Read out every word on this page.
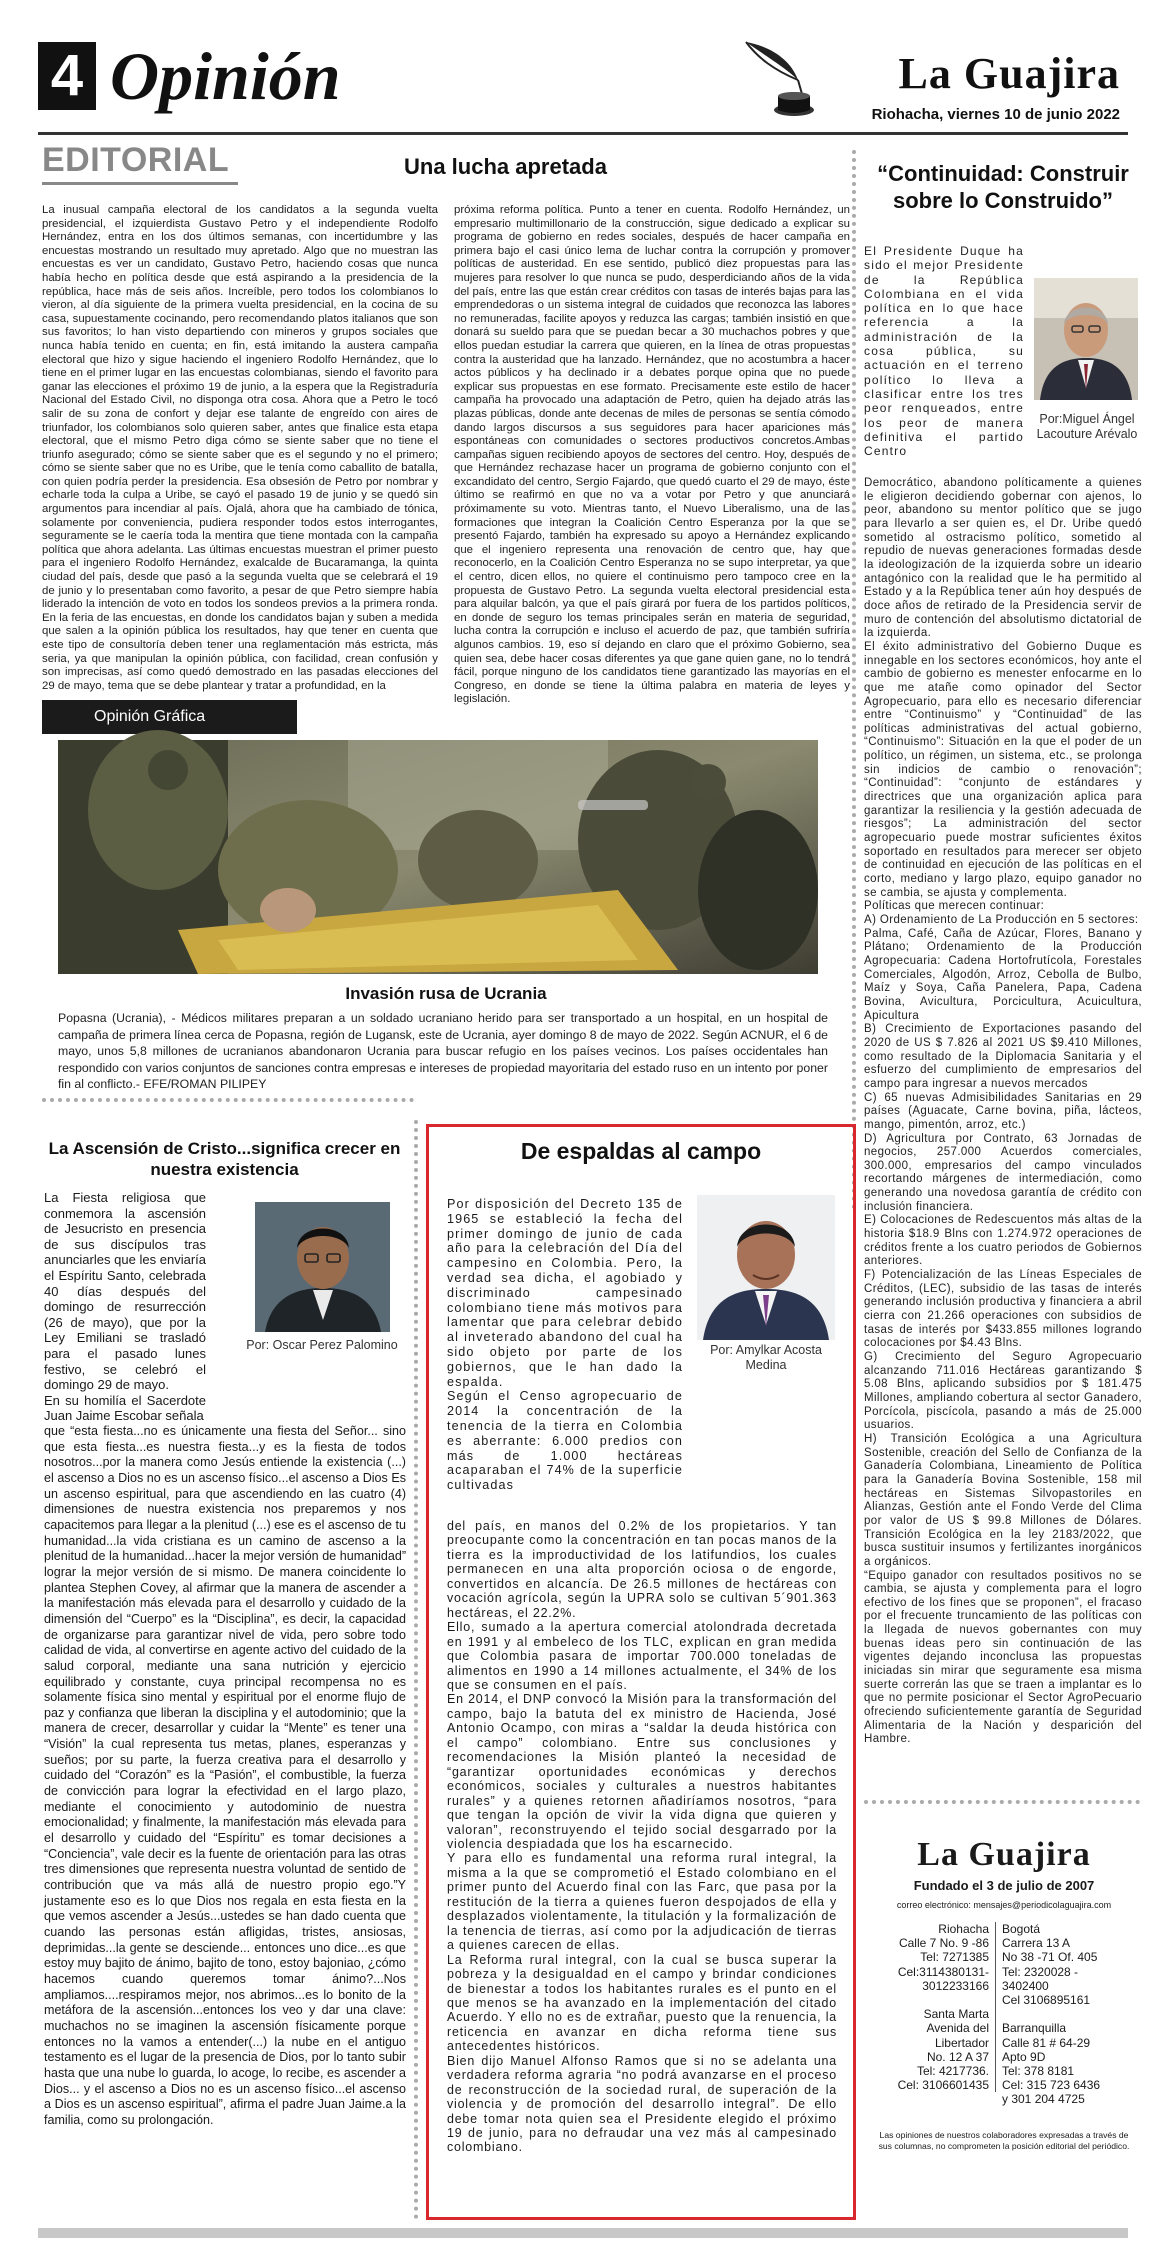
4 Opinión	La Guajira
Riohacha, viernes 10 de junio 2022
EDITORIAL	Una lucha apretada
La inusual campaña electoral de los candidatos a la segunda vuelta presidencial, el izquierdista Gustavo Petro y el independiente Rodolfo Hernández, entra en los dos últimos semanas, con incertidumbre y las encuestas mostrando un resultado muy apretado. Algo que no muestran las encuestas es ver un candidato, Gustavo Petro, haciendo cosas que nunca había hecho en política desde que está aspirando a la presidencia de la república, hace más de seis años. Increíble, pero todos los colombianos lo vieron, al día siguiente de la primera vuelta presidencial, en la cocina de su casa, supuestamente cocinando, pero recomendando platos italianos que son sus favoritos; lo han visto departiendo con mineros y grupos sociales que nunca había tenido en cuenta; en fin, está imitando la austera campaña electoral que hizo y sigue haciendo el ingeniero Rodolfo Hernández, que lo tiene en el primer lugar en las encuestas colombianas, siendo el favorito para ganar las elecciones el próximo 19 de junio, a la espera que la Registraduría Nacional del Estado Civil, no disponga otra cosa. Ahora que a Petro le tocó salir de su zona de confort y dejar ese talante de engreído con aires de triunfador, los colombianos solo quieren saber, antes que finalice esta etapa electoral, que el mismo Petro diga cómo se siente saber que no tiene el triunfo asegurado; cómo se siente saber que es el segundo y no el primero; cómo se siente saber que no es Uribe, que le tenía como caballito de batalla, con quien podría perder la presidencia. Esa obsesión de Petro por nombrar y echarle toda la culpa a Uribe, se cayó el pasado 19 de junio y se quedó sin argumentos para incendiar al país. Ojalá, ahora que ha cambiado de tónica, solamente por conveniencia, pudiera responder todos estos interrogantes, seguramente se le caería toda la mentira que tiene montada con la campaña política que ahora adelanta. Las últimas encuestas muestran el primer puesto para el ingeniero Rodolfo Hernández, exalcalde de Bucaramanga, la quinta ciudad del país, desde que pasó a la segunda vuelta que se celebrará el 19 de junio y lo presentaban como favorito, a pesar de que Petro siempre había liderado la intención de voto en todos los sondeos previos a la primera ronda. En la feria de las encuestas, en donde los candidatos bajan y suben a medida que salen a la opinión pública los resultados, hay que tener en cuenta que este tipo de consultoría deben tener una reglamentación más estricta, más seria, ya que manipulan la opinión pública, con facilidad, crean confusión y son imprecisas, así como quedó demostrado en las pasadas elecciones del 29 de mayo, tema que se debe plantear y tratar a profundidad, en la
próxima reforma política. Punto a tener en cuenta. Rodolfo Hernández, un empresario multimillonario de la construcción, sigue dedicado a explicar su programa de gobierno en redes sociales, después de hacer campaña en primera bajo el casi único lema de luchar contra la corrupción y promover políticas de austeridad. En ese sentido, publicó diez propuestas para las mujeres para resolver lo que nunca se pudo, desperdiciando años de la vida del país, entre las que están crear créditos con tasas de interés bajas para las emprendedoras o un sistema integral de cuidados que reconozca las labores no remuneradas, facilite apoyos y reduzca las cargas; también insistió en que donará su sueldo para que se puedan becar a 30 muchachos pobres y que ellos puedan estudiar la carrera que quieren, en la línea de otras propuestas contra la austeridad que ha lanzado. Hernández, que no acostumbra a hacer actos públicos y ha declinado ir a debates porque opina que no puede explicar sus propuestas en ese formato. Precisamente este estilo de hacer campaña ha provocado una adaptación de Petro, quien ha dejado atrás las plazas públicas, donde ante decenas de miles de personas se sentía cómodo dando largos discursos a sus seguidores para hacer apariciones más espontáneas con comunidades o sectores productivos concretos.Ambas campañas siguen recibiendo apoyos de sectores del centro. Hoy, después de que Hernández rechazase hacer un programa de gobierno conjunto con el excandidato del centro, Sergio Fajardo, que quedó cuarto el 29 de mayo, éste último se reafirmó en que no va a votar por Petro y que anunciará próximamente su voto. Mientras tanto, el Nuevo Liberalismo, una de las formaciones que integran la Coalición Centro Esperanza por la que se presentó Fajardo, también ha expresado su apoyo a Hernández explicando que el ingeniero representa una renovación de centro que, hay que reconocerlo, en la Coalición Centro Esperanza no se supo interpretar, ya que el centro, dicen ellos, no quiere el continuismo pero tampoco cree en la propuesta de Gustavo Petro. La segunda vuelta electoral presidencial esta para alquilar balcón, ya que el país girará por fuera de los partidos políticos, en donde de seguro los temas principales serán en materia de seguridad, lucha contra la corrupción e incluso el acuerdo de paz, que también sufriría algunos cambios. 19, eso sí dejando en claro que el próximo Gobierno, sea quien sea, debe hacer cosas diferentes ya que gane quien gane, no lo tendrá fácil, porque ninguno de los candidatos tiene garantizado las mayorías en el Congreso, en donde se tiene la última palabra en materia de leyes y legislación.
Opinión Gráfica
Invasión rusa de Ucrania
Popasna (Ucrania), - Médicos militares preparan a un soldado ucraniano herido para ser transportado a un hospital, en un hospital de campaña de primera línea cerca de Popasna, región de Lugansk, este de Ucrania, ayer domingo 8 de mayo de 2022. Según ACNUR, el 6 de mayo, unos 5,8 millones de ucranianos abandonaron Ucrania para buscar refugio en los países vecinos. Los países occidentales han respondido con varios conjuntos de sanciones contra empresas e intereses de propiedad mayoritaria del estado ruso en un intento por poner fin al conflicto.- EFE/ROMAN PILIPEY
“Continuidad: Construir sobre lo Construido”
El Presidente Duque ha sido el mejor Presidente de la República Colombiana en el vida política en lo que hace referencia a la administración de la cosa pública, su actuación en el terreno político lo lleva a clasificar entre los tres peor renqueados, entre los peor de manera definitiva el partido Centro
Por:Miguel Ángel Lacouture Arévalo

Democrático, abandono políticamente a quienes le eligieron decidiendo gobernar con ajenos, lo peor, abandono su mentor político que se jugo para llevarlo a ser quien es, el Dr. Uribe quedó sometido al ostracismo político, sometido al repudio de nuevas generaciones formadas desde la ideologización de la izquierda sobre un ideario antagónico con la realidad que le ha permitido al Estado y a la República tener aún hoy después de doce años de retirado de la Presidencia servir de muro de contención del absolutismo dictatorial de la izquierda.
El éxito administrativo del Gobierno Duque es innegable en los sectores económicos, hoy ante el cambio de gobierno es menester enfocarme en lo que me atañe como opinador del Sector Agropecuario, para ello es necesario diferenciar entre “Continuismo” y “Continuidad” de las políticas administrativas del actual gobierno, “Continuismo”: Situación en la que el poder de un político, un régimen, un sistema, etc., se prolonga sin indicios de cambio o renovación”; “Continuidad”: “conjunto de estándares y directrices que una organización aplica para garantizar la resiliencia y la gestión adecuada de riesgos”; La administración del sector agropecuario puede mostrar suficientes éxitos soportado en resultados para merecer ser objeto de continuidad en ejecución de las políticas en el corto, mediano y largo plazo, equipo ganador no se cambia, se ajusta y complementa.
Políticas que merecen continuar:
A) Ordenamiento de La Producción en 5 sectores:
Palma, Café, Caña de Azúcar, Flores, Banano y Plátano; Ordenamiento de la Producción Agropecuaria: Cadena Hortofrutícola, Forestales Comerciales, Algodón, Arroz, Cebolla de Bulbo, Maíz y Soya, Caña Panelera, Papa, Cadena Bovina, Avicultura, Porcicultura, Acuicultura, Apicultura
B) Crecimiento de Exportaciones pasando del 2020 de US $ 7.826 al 2021 US $9.410 Millones, como resultado de la Diplomacia Sanitaria y el esfuerzo del cumplimiento de empresarios del campo para ingresar a nuevos mercados
C) 65 nuevas Admisibilidades Sanitarias en 29 países (Aguacate, Carne bovina, piña, lácteos, mango, pimentón, arroz, etc.)
D) Agricultura por Contrato, 63 Jornadas de negocios, 257.000 Acuerdos comerciales, 300.000, empresarios del campo vinculados recortando márgenes de intermediación, como generando una novedosa garantía de crédito con inclusión financiera.
E) Colocaciones de Redescuentos más altas de la historia $18.9 Blns con 1.274.972 operaciones de créditos frente a los cuatro periodos de Gobiernos anteriores.
F) Potencialización de las Líneas Especiales de Créditos, (LEC), subsidio de las tasas de interés generando inclusión productiva y financiera a abril cierra con 21.266 operaciones con subsidios de tasas de interés por $433.855 millones logrando colocaciones por $4.43 Blns.
G) Crecimiento del Seguro Agropecuario alcanzando 711.016 Hectáreas garantizando $ 5.08 Blns, aplicando subsidios por $ 181.475 Millones, ampliando cobertura al sector Ganadero, Porcícola, piscícola, pasando a más de 25.000 usuarios.
H) Transición Ecológica a una Agricultura Sostenible, creación del Sello de Confianza de la Ganadería Colombiana, Lineamiento de Política para la Ganadería Bovina Sostenible, 158 mil hectáreas en Sistemas Silvopastoriles en Alianzas, Gestión ante el Fondo Verde del Clima por valor de US $ 99.8 Millones de Dólares. Transición Ecológica en la ley 2183/2022, que busca sustituir insumos y fertilizantes inorgánicos a orgánicos.
“Equipo ganador con resultados positivos no se cambia, se ajusta y complementa para el logro efectivo de los fines que se proponen”, el fracaso por el frecuente truncamiento de las políticas con la llegada de nuevos gobernantes con muy buenas ideas pero sin continuación de las vigentes dejando inconclusa las propuestas iniciadas sin mirar que seguramente esa misma suerte correrán las que se traen a implantar es lo que no permite posicionar el Sector AgroPecuario ofreciendo suficientemente garantía de Seguridad Alimentaria de la Nación y desparición del Hambre.

La Ascensión de Cristo...significa crecer en nuestra existencia
La Fiesta religiosa que conmemora la ascensión de Jesucristo en presencia de sus discípulos tras anunciarles que les enviaría el Espíritu Santo, celebrada 40 días después del domingo de resurrección (26 de mayo), que por la Ley Emiliani se trasladó para el pasado lunes festivo, se celebró el domingo 29 de mayo.
En su homilía el Sacerdote Juan Jaime Escobar señala
Por: Oscar Perez Palomino
que “esta fiesta...no es únicamente una fiesta del Señor... sino que esta fiesta...es nuestra fiesta...y es la fiesta de todos nosotros...por la manera como Jesús entiende la existencia (...) el ascenso a Dios no es un ascenso físico...el ascenso a Dios Es un ascenso espiritual, para que ascendiendo en las cuatro (4) dimensiones de nuestra existencia nos preparemos y nos capacitemos para llegar a la plenitud (...) ese es el ascenso de tu humanidad...la vida cristiana es un camino de ascenso a la plenitud de la humanidad...hacer la mejor versión de humanidad” lograr la mejor versión de si mismo. De manera coincidente lo plantea Stephen Covey, al afirmar que la manera de ascender a la manifestación más elevada para el desarrollo y cuidado de la dimensión del “Cuerpo” es la “Disciplina”, es decir, la capacidad de organizarse para garantizar nivel de vida, pero sobre todo calidad de vida, al convertirse en agente activo del cuidado de la salud corporal, mediante una sana nutrición y ejercicio equilibrado y constante, cuya principal recompensa no es solamente física sino mental y espiritual por el enorme flujo de paz y confianza que liberan la disciplina y el autodominio; que la manera de crecer, desarrollar y cuidar la “Mente” es tener una “Visión” la cual representa tus metas, planes, esperanzas y sueños; por su parte, la fuerza creativa para el desarrollo y cuidado del “Corazón” es la “Pasión”, el combustible, la fuerza de convicción para lograr la efectividad en el largo plazo, mediante el conocimiento y autodominio de nuestra emocionalidad; y finalmente, la manifestación más elevada para el desarrollo y cuidado del “Espíritu” es tomar decisiones a “Conciencia”, vale decir es la fuente de orientación para las otras tres dimensiones que representa nuestra voluntad de sentido de contribución que va más allá de nuestro propio ego.”Y justamente eso es lo que Dios nos regala en esta fiesta en la que vemos ascender a Jesús...ustedes se han dado cuenta que cuando las personas están afligidas, tristes, ansiosas, deprimidas...la gente se desciende... entonces uno dice...es que estoy muy bajito de ánimo, bajito de tono, estoy bajoniao, ¿cómo hacemos cuando queremos tomar ánimo?...Nos ampliamos....respiramos mejor, nos abrimos...es lo bonito de la metáfora de la ascensión...entonces los veo y dar una clave: muchachos no se imaginen la ascensión físicamente porque entonces no la vamos a entender(...) la nube en el antiguo testamento es el lugar de la presencia de Dios, por lo tanto subir hasta que una nube lo guarda, lo acoge, lo recibe, es ascender a Dios... y el ascenso a Dios no es un ascenso físico...el ascenso a Dios es un ascenso espiritual”, afirma el padre Juan Jaime.a la familia, como su prolongación.
De espaldas al campo
Por disposición del Decreto 135 de 1965 se estableció la fecha del primer domingo de junio de cada año para la celebración del Día del campesino en Colombia. Pero, la verdad sea dicha, el agobiado y discriminado campesinado colombiano tiene más motivos para lamentar que para celebrar debido al inveterado abandono del cual ha sido objeto por parte de los gobiernos, que le han dado la espalda.
Según el Censo agropecuario de 2014 la concentración de la tenencia de la tierra en Colombia es aberrante: 6.000 predios con más de 1.000 hectáreas acaparaban el 74% de la superficie cultivadas
Por: Amylkar Acosta Medina
del país, en manos del 0.2% de los propietarios. Y tan preocupante como la concentración en tan pocas manos de la tierra es la improductividad de los latifundios, los cuales permanecen en una alta proporción ociosa o de engorde, convertidos en alcancía. De 26.5 millones de hectáreas con vocación agrícola, según la UPRA solo se cultivan 5´901.363 hectáreas, el 22.2%.
Ello, sumado a la apertura comercial atolondrada decretada en 1991 y al embeleco de los TLC, explican en gran medida que Colombia pasara de importar 700.000 toneladas de alimentos en 1990 a 14 millones actualmente, el 34% de los que se consumen en el país.
En 2014, el DNP convocó la Misión para la transformación del campo, bajo la batuta del ex ministro de Hacienda, José Antonio Ocampo, con miras a “saldar la deuda histórica con el campo” colombiano. Entre sus conclusiones y recomendaciones la Misión planteó la necesidad de “garantizar oportunidades económicas y derechos económicos, sociales y culturales a nuestros habitantes rurales” y a quienes retornen añadiríamos nosotros, “para que tengan la opción de vivir la vida digna que quieren y valoran”, reconstruyendo el tejido social desgarrado por la violencia despiadada que los ha escarnecido.
Y para ello es fundamental una reforma rural integral, la misma a la que se comprometió el Estado colombiano en el primer punto del Acuerdo final con las Farc, que pasa por la restitución de la tierra a quienes fueron despojados de ella y desplazados violentamente, la titulación y la formalización de la tenencia de tierras, así como por la adjudicación de tierras a quienes carecen de ellas.
La Reforma rural integral, con la cual se busca superar la pobreza y la desigualdad en el campo y brindar condiciones de bienestar a todos los habitantes rurales es el punto en el que menos se ha avanzado en la implementación del citado Acuerdo. Y ello no es de extrañar, puesto que la renuencia, la reticencia en avanzar en dicha reforma tiene sus antecedentes históricos.
Bien dijo Manuel Alfonso Ramos que si no se adelanta una verdadera reforma agraria “no podrá avanzarse en el proceso de reconstrucción de la sociedad rural, de superación de la violencia y de promoción del desarrollo integral”. De ello debe tomar nota quien sea el Presidente elegido el próximo 19 de junio, para no defraudar una vez más al campesinado colombiano.
La Guajira
Fundado el 3 de julio de 2007
correo electrónico: mensajes@periodicolaguajira.com
Riohacha
Calle 7 No. 9 -86
Tel: 7271385
Cel:3114380131-
3012233166

Santa Marta
Avenida del
Libertador
No. 12 A 37
Tel: 4217736.
Cel: 3106601435
Bogotá
Carrera 13 A
No 38 -71 Of. 405
Tel: 2320028 -
3402400
Cel 3106895161

Barranquilla
Calle 81 # 64-29
Apto 9D
Tel: 378 8181
Cel: 315 723 6436
y 301 204 4725
Las opiniones de nuestros colaboradores expresadas a través de sus columnas, no comprometen la posición editorial del periódico.
